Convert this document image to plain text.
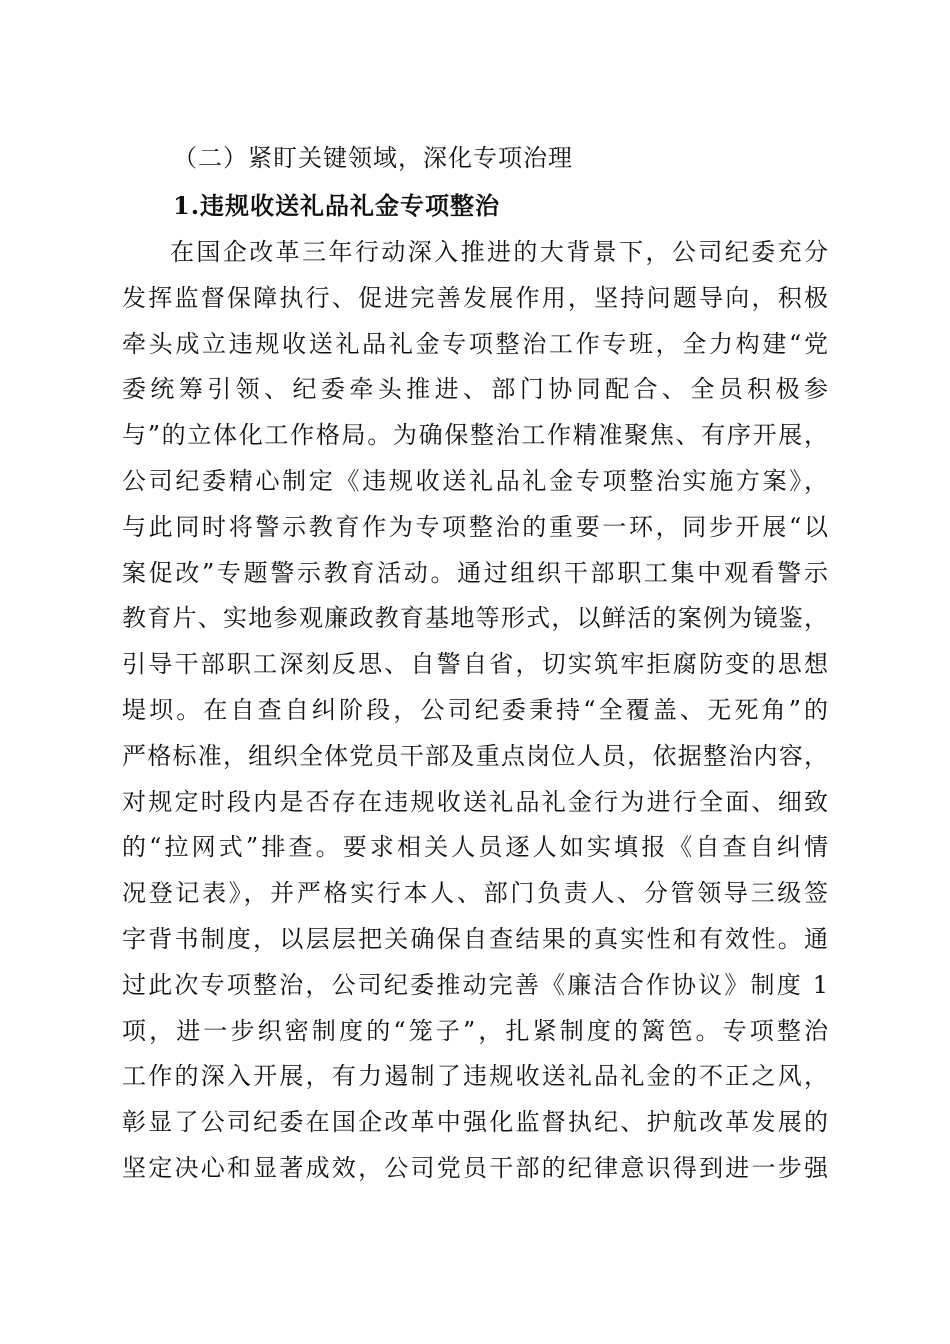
（二）紧盯关键领域，深化专项治理
1.违规收送礼品礼金专项整治
在国企改革三年行动深入推进的大背景下，公司纪委充分
发挥监督保障执行、促进完善发展作用，坚持问题导向，积极
牵头成立违规收送礼品礼金专项整治工作专班，全力构建“党
委统筹引领、纪委牵头推进、部门协同配合、全员积极参
与”的立体化工作格局。为确保整治工作精准聚焦、有序开展，
公司纪委精心制定《违规收送礼品礼金专项整治实施方案》，
与此同时将警示教育作为专项整治的重要一环，同步开展“以
案促改”专题警示教育活动。通过组织干部职工集中观看警示
教育片、实地参观廉政教育基地等形式，以鲜活的案例为镜鉴，
引导干部职工深刻反思、自警自省，切实筑牢拒腐防变的思想
堤坝。在自查自纠阶段，公司纪委秉持“全覆盖、无死角”的
严格标准，组织全体党员干部及重点岗位人员，依据整治内容，
对规定时段内是否存在违规收送礼品礼金行为进行全面、细致
的“拉网式”排查。要求相关人员逐人如实填报《自查自纠情
况登记表》，并严格实行本人、部门负责人、分管领导三级签
字背书制度，以层层把关确保自查结果的真实性和有效性。通
过此次专项整治，公司纪委推动完善《廉洁合作协议》制度 1
项，进一步织密制度的“笼子”，扎紧制度的篱笆。专项整治
工作的深入开展，有力遏制了违规收送礼品礼金的不正之风，
彰显了公司纪委在国企改革中强化监督执纪、护航改革发展的
坚定决心和显著成效，公司党员干部的纪律意识得到进一步强
